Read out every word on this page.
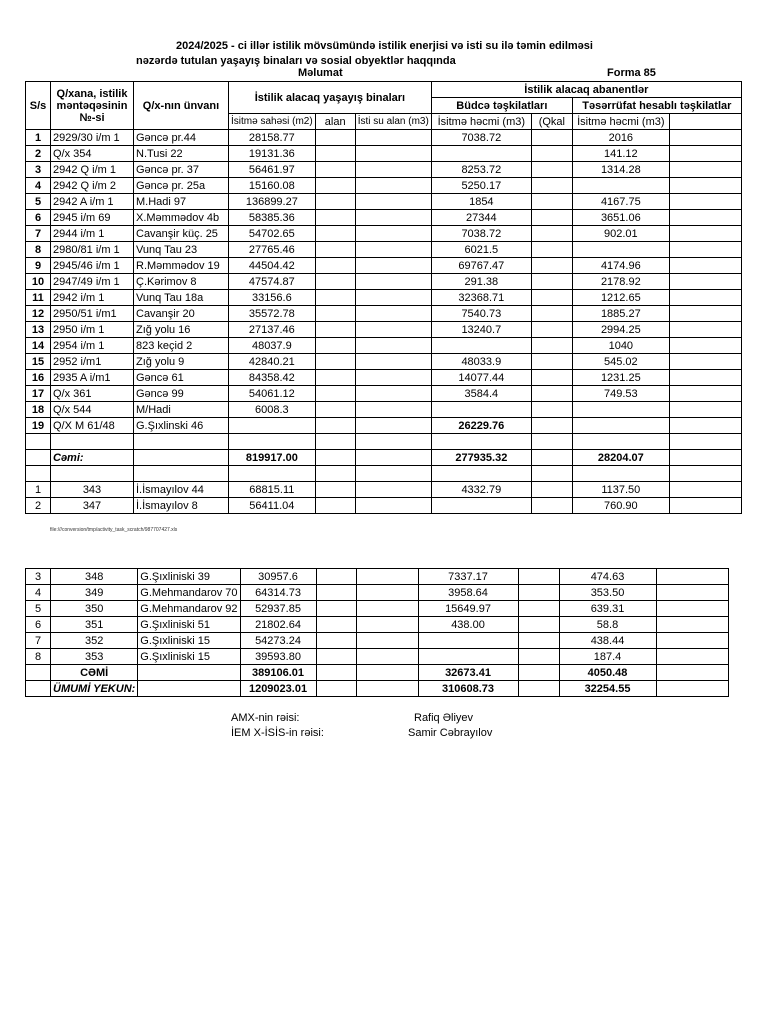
2024/2025 - ci illər istilik mövsümündə istilik enerjisi və isti su ilə təmin edilməsi
nəzərdə tutulan yaşayış binaları və sosial obyektlər haqqında
Məlumat	Forma 85
S/s	Q/xana, istilik məntəqəsinin №-si	Q/x-nın ünvanı	İstilik alacaq yaşayış binaları			İstilik alacaq abanentlər			
						Büdcə təşkilatları		Təsərrüfat hesablı təşkilatlar	
			İsitmə sahəsi (m2)	alan	İsti su alan (m3)	İsitmə həcmi (m3)	(Qkal	İsitmə həcmi (m3)	
1	2929/30 i/m 1	Gəncə pr.44	28158.77			7038.72		2016	
2	Q/x 354	N.Tusi 22	19131.36					141.12	
3	2942 Q i/m 1	Gəncə pr. 37	56461.97			8253.72		1314.28	
4	2942 Q i/m 2	Gəncə pr. 25a	15160.08			5250.17			
5	2942 A i/m 1	M.Hadi 97	136899.27			1854		4167.75	
6	2945 i/m 69	X.Məmmədov 4b	58385.36			27344		3651.06	
7	2944 i/m 1	Cavanşir küç. 25	54702.65			7038.72		902.01	
8	2980/81 i/m 1	Vunq Tau 23	27765.46			6021.5			
9	2945/46 i/m 1	R.Məmmədov 19	44504.42			69767.47		4174.96	
10	2947/49 i/m 1	Ç.Kərimov 8	47574.87			291.38		2178.92	
11	2942 i/m 1	Vunq Tau 18a	33156.6			32368.71		1212.65	
12	2950/51 i/m1	Cavanşir 20	35572.78			7540.73		1885.27	
13	2950 i/m 1	Zığ yolu 16	27137.46			13240.7		2994.25	
14	2954 i/m 1	823 keçid 2	48037.9					1040	
15	2952 i/m1	Zığ yolu 9	42840.21			48033.9		545.02	
16	2935 A i/m1	Gəncə 61	84358.42			14077.44		1231.25	
17	Q/x 361	Gəncə 99	54061.12			3584.4		749.53	
18	Q/x 544	M/Hadi	6008.3						
19	Q/X M 61/48	G.Şıxlinski 46				26229.76			

	Cəmi:		819917.00			277935.32		28204.07	

1	343	İ.İsmayılov 44	68815.11			4332.79		1137.50	
2	347	İ.İsmayılov 8	56411.04					760.90	
file:///conversion/tmp/activity_task_scratch/987707427.xls
3	348	G.Şıxliniski 39	30957.6			7337.17		474.63	
4	349	G.Mehmandarov 70	64314.73			3958.64		353.50	
5	350	G.Mehmandarov 92	52937.85			15649.97		639.31	
6	351	G.Şıxliniski 51	21802.64			438.00		58.8	
7	352	G.Şıxliniski 15	54273.24					438.44	
8	353	G.Şıxliniski 15	39593.80					187.4	
	CƏMİ		389106.01			32673.41		4050.48	
	ÜMUMİ YEKUN:		1209023.01			310608.73		32254.55	
AMX-nin rəisi:	Rafiq Əliyev
İEM X-İSİS-in rəisi:	Samir Cəbrayılov
